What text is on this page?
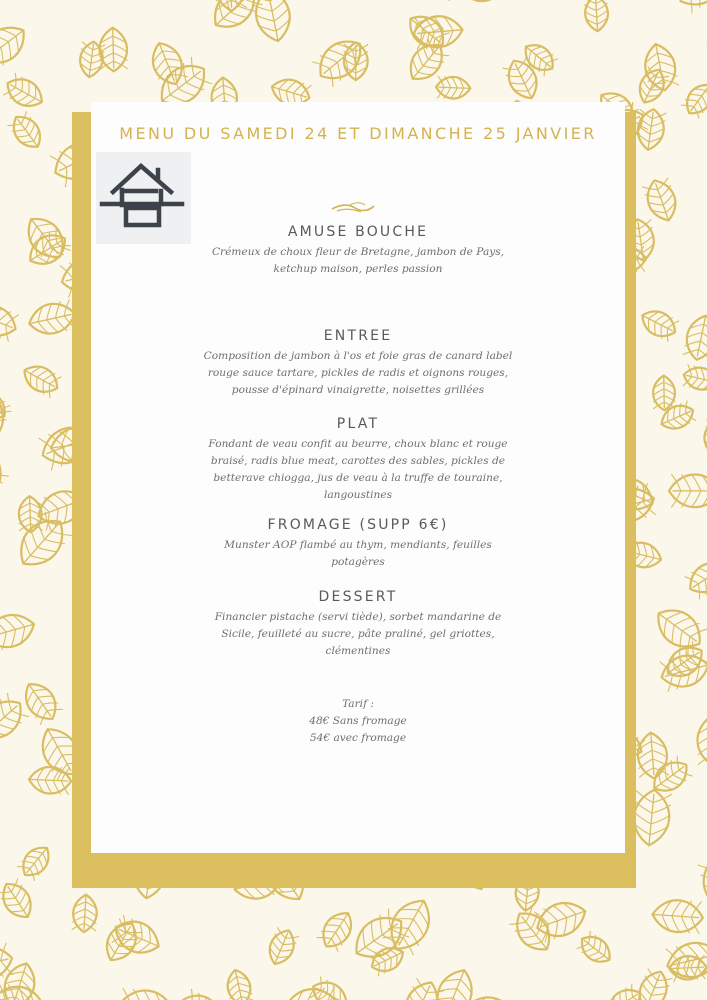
MENU DU SAMEDI 24 ET DIMANCHE 25 JANVIER
AMUSE BOUCHE

Crémeux de choux fleur de Bretagne, jambon de Pays,
ketchup maison, perles passion

ENTREE

Composition de jambon à l'os et foie gras de canard label
rouge sauce tartare, pickles de radis et oignons rouges,
pousse d'épinard vinaigrette, noisettes grillées

PLAT

Fondant de veau confit au beurre, choux blanc et rouge
braisé, radis blue meat, carottes des sables, pickles de
betterave chiogga, jus de veau à la truffe de touraine,
langoustines

FROMAGE (SUPP 6€)

Munster AOP flambé au thym, mendiants, feuilles
potagères

DESSERT

Financier pistache (servi tiède), sorbet mandarine de
Sicile, feuilleté au sucre, pâte praliné, gel griottes,
clémentines

Tarif :
48€ Sans fromage
54€ avec fromage
